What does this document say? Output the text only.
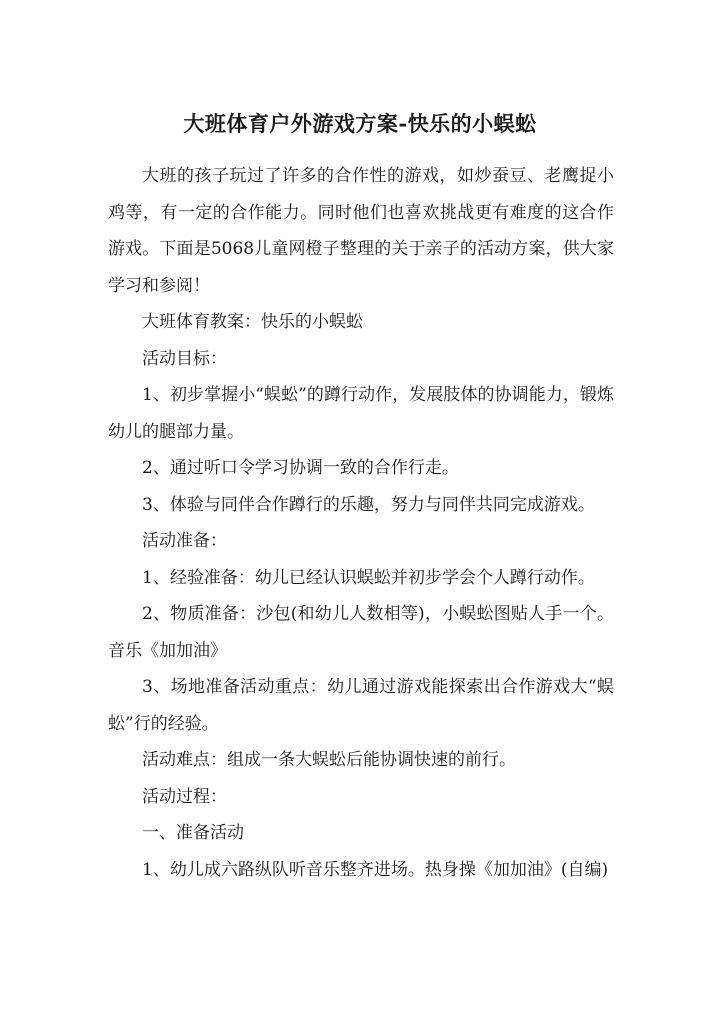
大班体育户外游戏方案-快乐的小蜈蚣

大班的孩子玩过了许多的合作性的游戏，如炒蚕豆、老鹰捉小鸡等，有一定的合作能力。同时他们也喜欢挑战更有难度的这合作游戏。下面是5068儿童网橙子整理的关于亲子的活动方案，供大家学习和参阅！

大班体育教案：快乐的小蜈蚣

活动目标：

1、初步掌握小“蜈蚣”的蹲行动作，发展肢体的协调能力，锻炼幼儿的腿部力量。

2、通过听口令学习协调一致的合作行走。

3、体验与同伴合作蹲行的乐趣，努力与同伴共同完成游戏。

活动准备：

1、经验准备：幼儿已经认识蜈蚣并初步学会个人蹲行动作。

2、物质准备：沙包(和幼儿人数相等)，小蜈蚣图贴人手一个。音乐《加加油》

3、场地准备活动重点：幼儿通过游戏能探索出合作游戏大“蜈蚣”行的经验。

活动难点：组成一条大蜈蚣后能协调快速的前行。

活动过程：

一、准备活动

1、幼儿成六路纵队听音乐整齐进场。热身操《加加油》(自编)
